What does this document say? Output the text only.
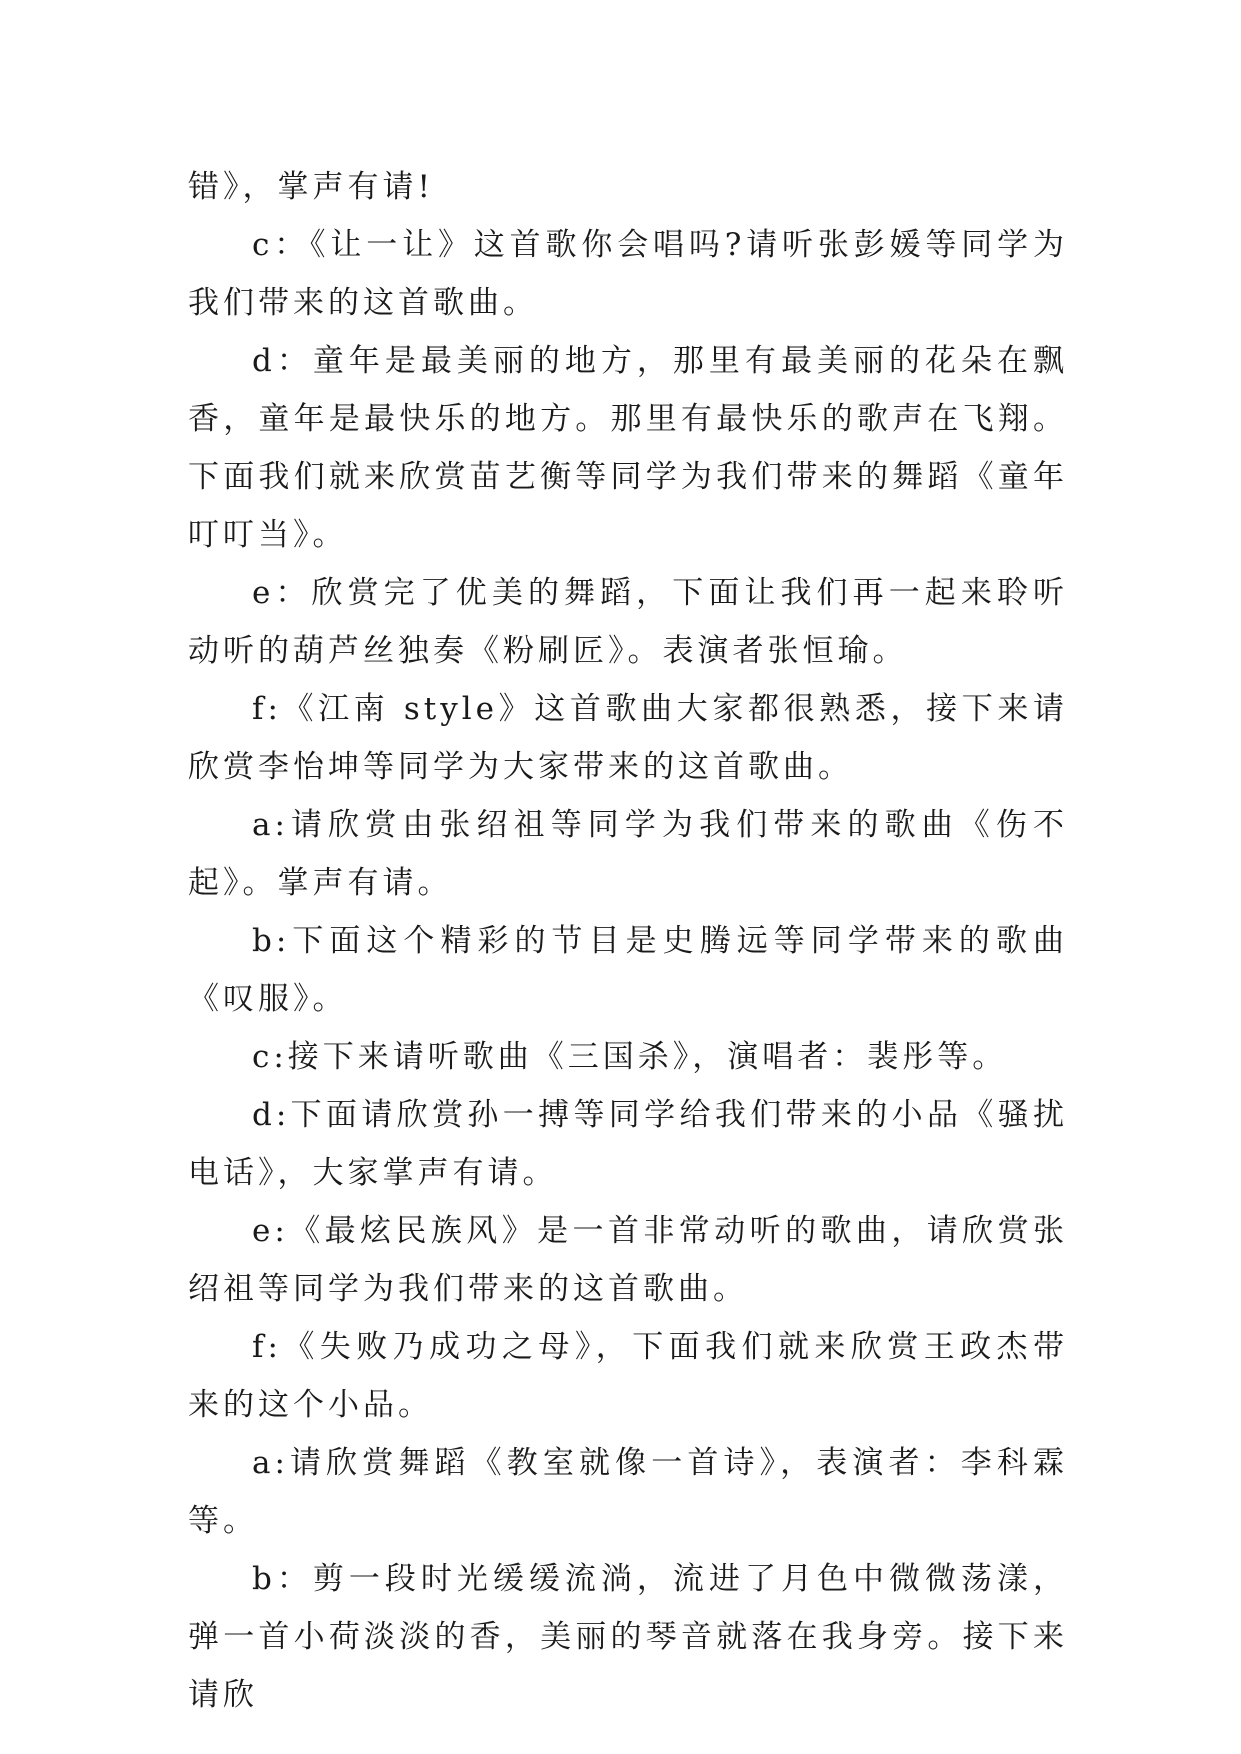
错》，掌声有请!

c：《让一让》这首歌你会唱吗?请听张彭媛等同学为我们带来的这首歌曲。

d：童年是最美丽的地方，那里有最美丽的花朵在飘香，童年是最快乐的地方。那里有最快乐的歌声在飞翔。下面我们就来欣赏苗艺衡等同学为我们带来的舞蹈《童年叮叮当》。

e：欣赏完了优美的舞蹈，下面让我们再一起来聆听动听的葫芦丝独奏《粉刷匠》。表演者张恒瑜。

f:《江南 style》这首歌曲大家都很熟悉，接下来请欣赏李怡坤等同学为大家带来的这首歌曲。

a:请欣赏由张绍祖等同学为我们带来的歌曲《伤不起》。掌声有请。

b:下面这个精彩的节目是史腾远等同学带来的歌曲《叹服》。

c:接下来请听歌曲《三国杀》，演唱者：裴彤等。

d:下面请欣赏孙一搏等同学给我们带来的小品《骚扰电话》，大家掌声有请。

e:《最炫民族风》是一首非常动听的歌曲，请欣赏张绍祖等同学为我们带来的这首歌曲。

f:《失败乃成功之母》，下面我们就来欣赏王政杰带来的这个小品。

a:请欣赏舞蹈《教室就像一首诗》，表演者：李科霖等。

b：剪一段时光缓缓流淌，流进了月色中微微荡漾，弹一首小荷淡淡的香，美丽的琴音就落在我身旁。接下来请欣
